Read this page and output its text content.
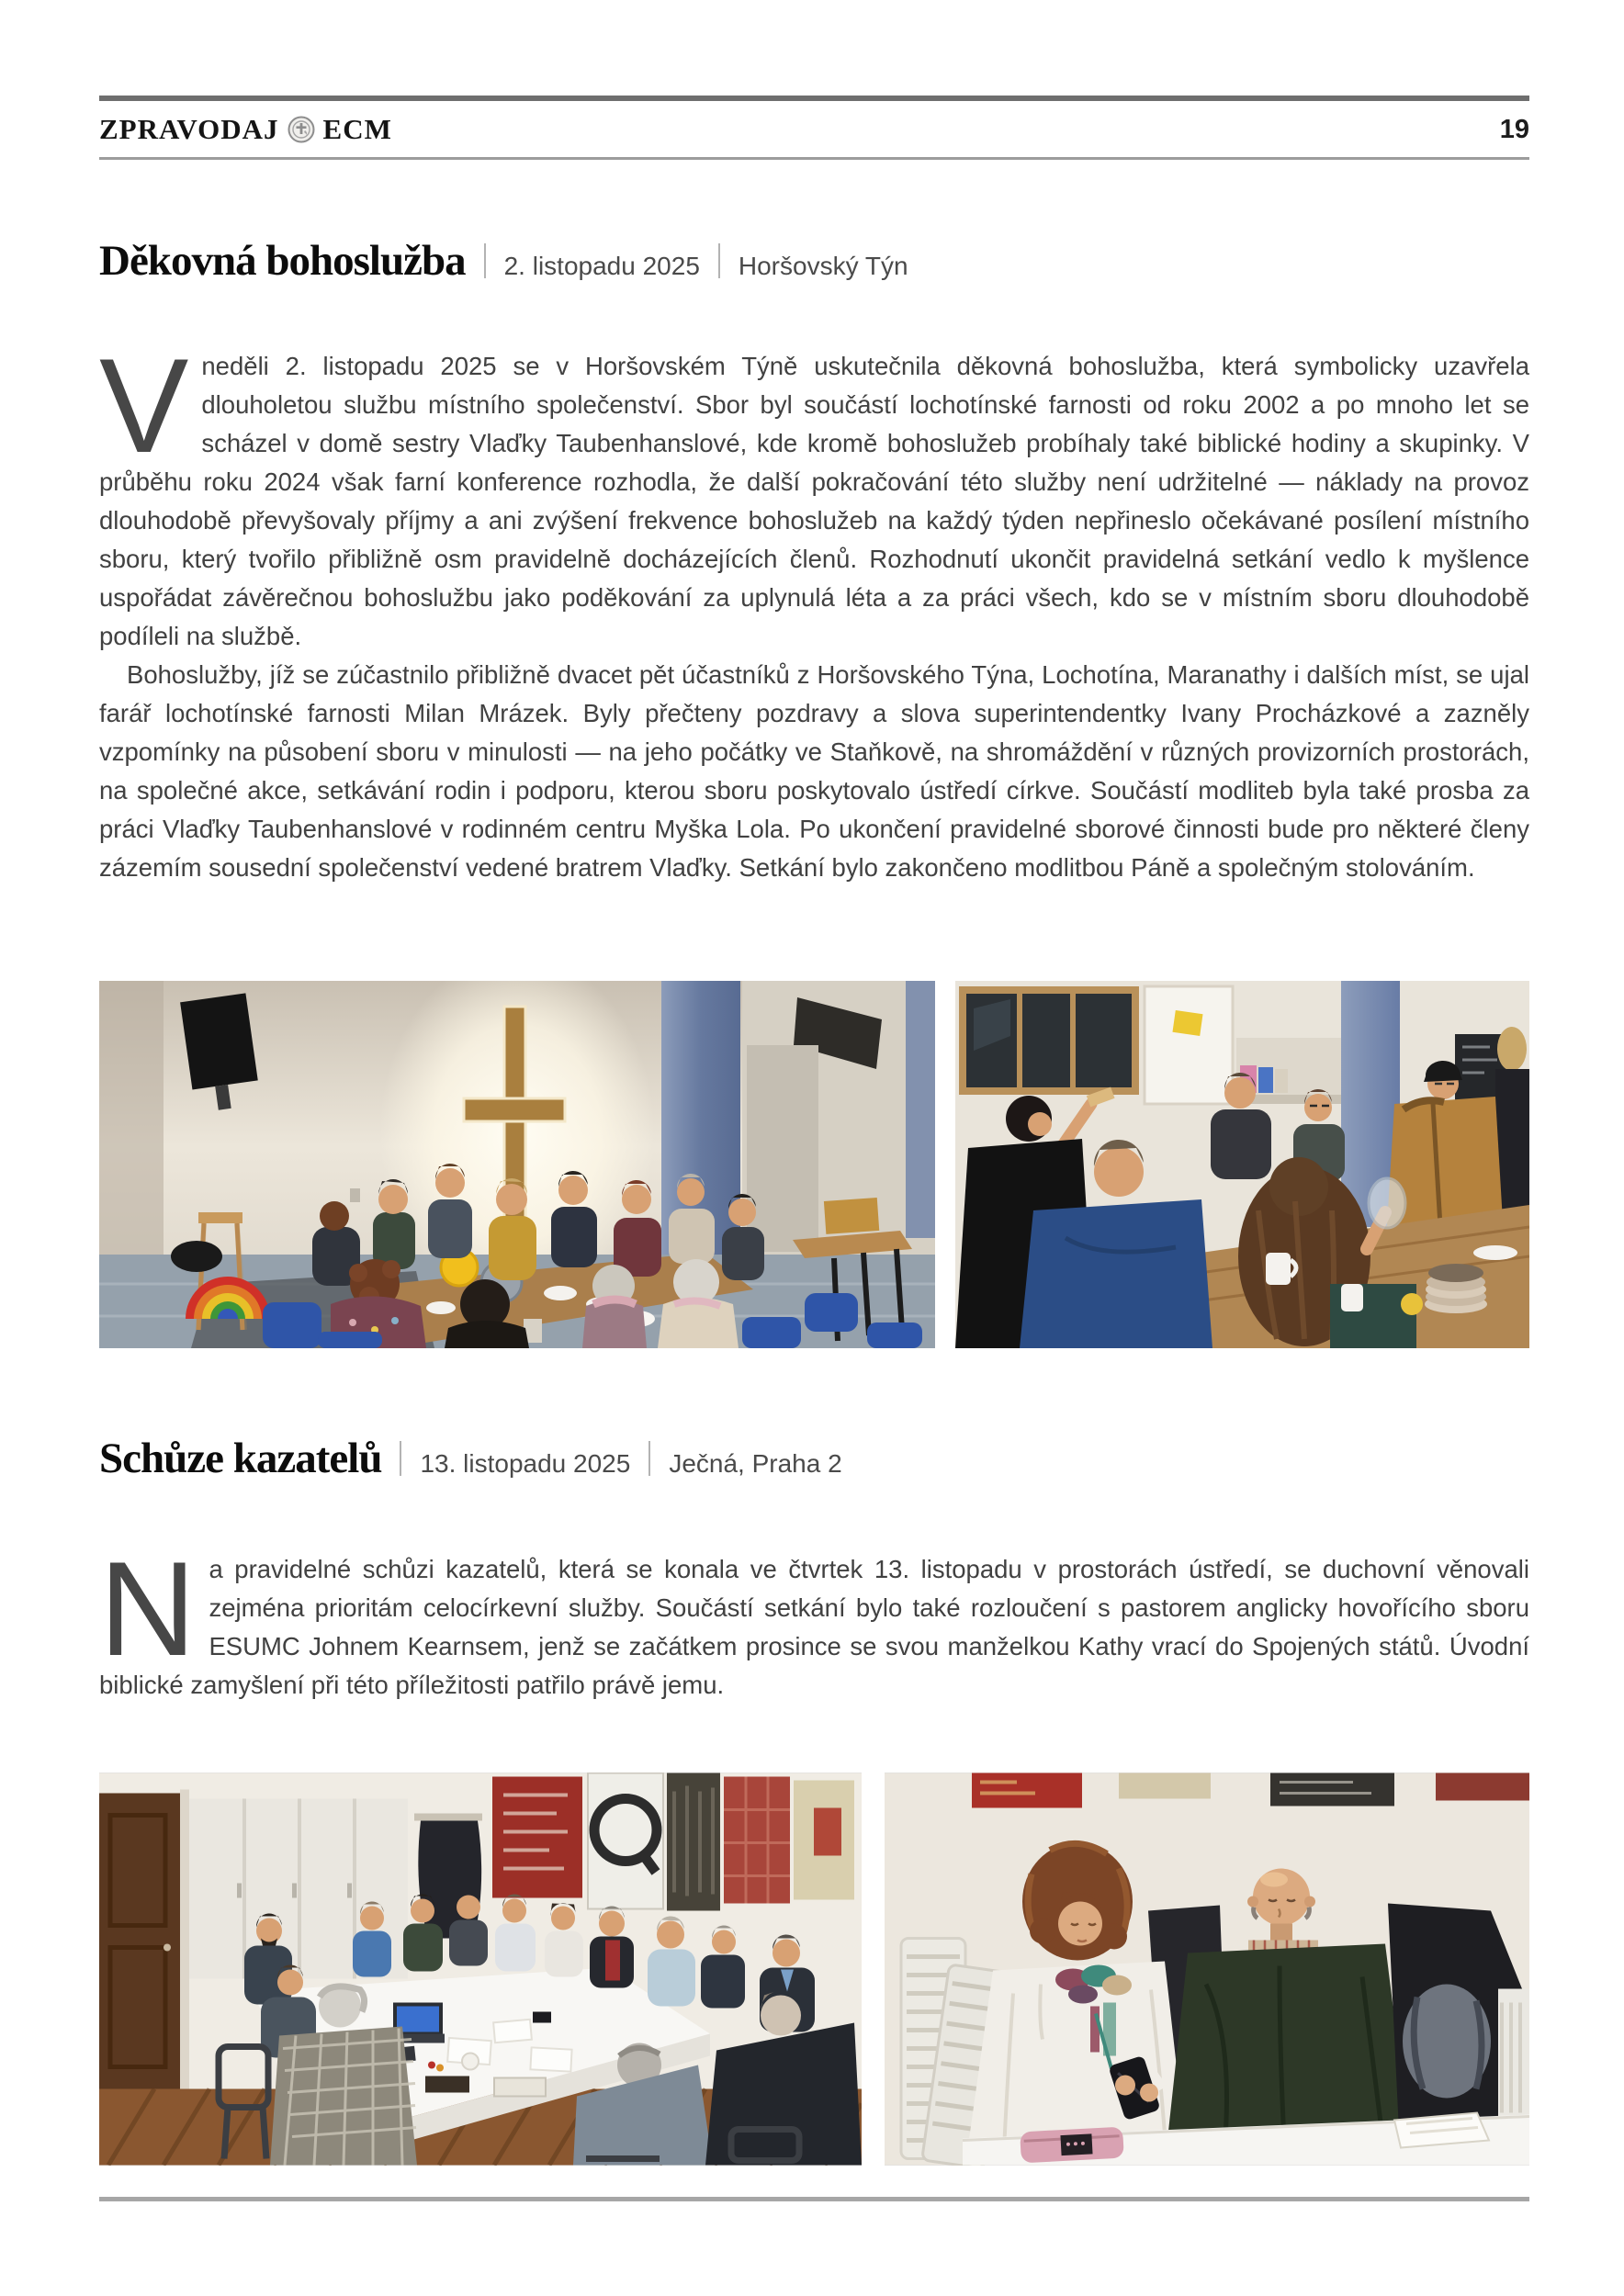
ZPRAVODAJ ECM	19
Děkovná bohoslužba 2. listopadu 2025 Horšovský Týn

Vneděli 2. listopadu 2025 se v Horšovském Týně uskutečnila děkovná bohoslužba, která symbolicky uzavřela dlouholetou službu místního společenství. Sbor byl součástí lochotínské farnosti od roku 2002 a po mnoho let se scházel v domě sestry Vlaďky Taubenhanslové, kde kromě bohoslužeb probíhaly také biblické hodiny a skupinky. V průběhu roku 2024 však farní konference rozhodla, že další pokračování této služby není udržitelné — náklady na provoz dlouhodobě převyšovaly příjmy a ani zvýšení frekvence bohoslužeb na každý týden nepřineslo očekávané posílení místního sboru, který tvořilo přibližně osm pravidelně docházejících členů. Rozhodnutí ukončit pravidelná setkání vedlo k myšlence uspořádat závěrečnou bohoslužbu jako poděkování za uplynulá léta a za práci všech, kdo se v místním sboru dlouhodobě podíleli na službě.

Bohoslužby, jíž se zúčastnilo přibližně dvacet pět účastníků z Horšovského Týna, Lochotína, Maranathy i dalších míst, se ujal farář lochotínské farnosti Milan Mrázek. Byly přečteny pozdravy a slova superintendentky Ivany Procházkové a zazněly vzpomínky na působení sboru v minulosti — na jeho počátky ve Staňkově, na shromáždění v různých provizorních prostorách, na společné akce, setkávání rodin i podporu, kterou sboru poskytovalo ústředí církve. Součástí modliteb byla také prosba za práci Vlaďky Taubenhanslové v rodinném centru Myška Lola. Po ukončení pravidelné sborové činnosti bude pro některé členy zázemím sousední společenství vedené bratrem Vlaďky. Setkání bylo zakončeno modlitbou Páně a společným stolováním.

Schůze kazatelů 13. listopadu 2025 Ječná, Praha 2

Na pravidelné schůzi kazatelů, která se konala ve čtvrtek 13. listopadu v prostorách ústředí, se duchovní věnovali zejména prioritám celocírkevní služby. Součástí setkání bylo také rozloučení s pastorem anglicky hovořícího sboru ESUMC Johnem Kearnsem, jenž se začátkem prosince se svou manželkou Kathy vrací do Spojených států. Úvodní biblické zamyšlení při této příležitosti patřilo právě jemu.
